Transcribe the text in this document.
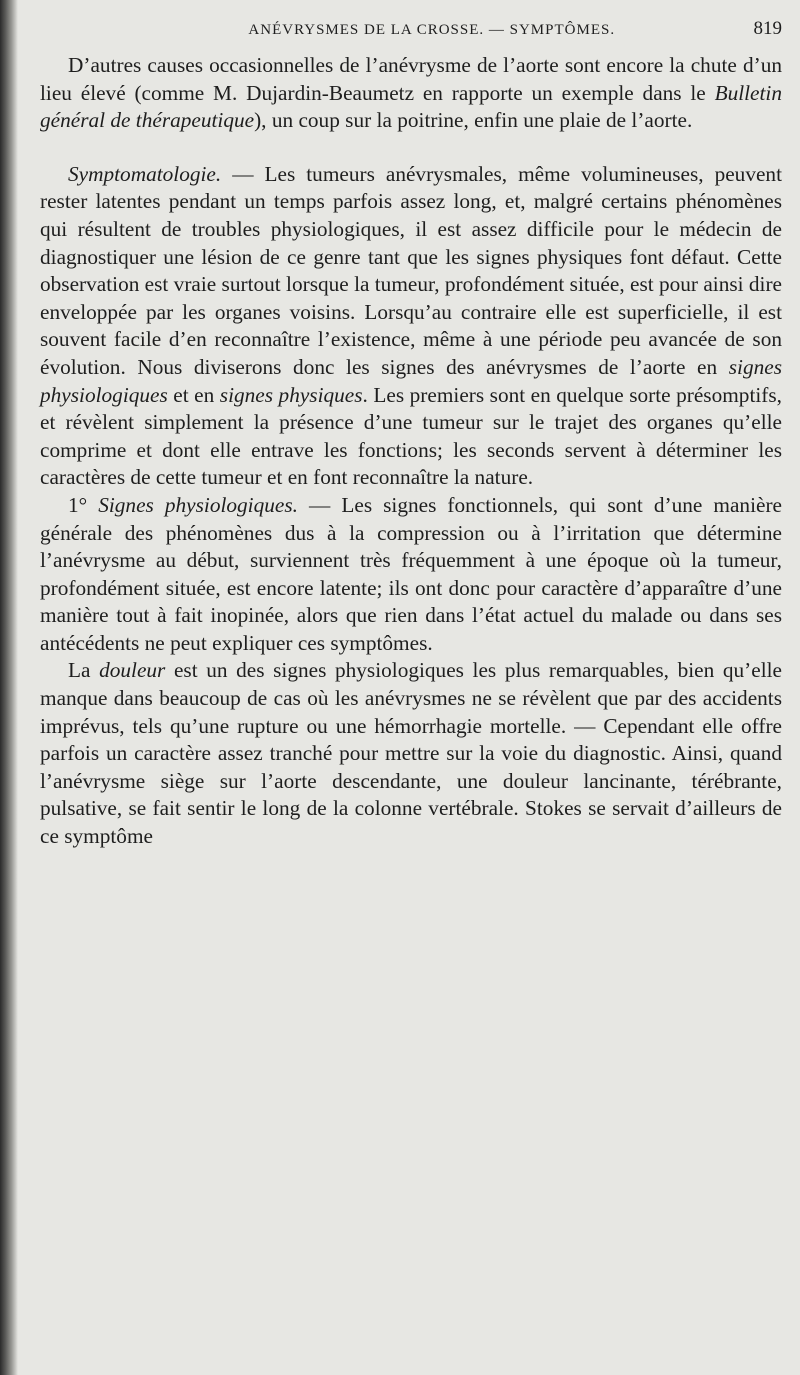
ANÉVRYSMES DE LA CROSSE. — SYMPTÔMES.	819

D’autres causes occasionnelles de l’anévrysme de l’aorte sont encore la chute d’un lieu élevé (comme M. Dujardin-Beaumetz en rapporte un exemple dans le Bulletin général de thérapeutique), un coup sur la poitrine, enfin une plaie de l’aorte.

Symptomatologie. — Les tumeurs anévrysmales, même volumineuses, peuvent rester latentes pendant un temps parfois assez long, et, malgré certains phénomènes qui résultent de troubles physiologiques, il est assez difficile pour le médecin de diagnostiquer une lésion de ce genre tant que les signes physiques font défaut. Cette observation est vraie surtout lorsque la tumeur, profondément située, est pour ainsi dire enveloppée par les organes voisins. Lorsqu’au contraire elle est superficielle, il est souvent facile d’en reconnaître l’existence, même à une période peu avancée de son évolution. Nous diviserons donc les signes des anévrysmes de l’aorte en signes physiologiques et en signes physiques. Les premiers sont en quelque sorte présomptifs, et révèlent simplement la présence d’une tumeur sur le trajet des organes qu’elle comprime et dont elle entrave les fonctions; les seconds servent à déterminer les caractères de cette tumeur et en font reconnaître la nature.

1° Signes physiologiques. — Les signes fonctionnels, qui sont d’une manière générale des phénomènes dus à la compression ou à l’irritation que détermine l’anévrysme au début, surviennent très fréquemment à une époque où la tumeur, profondément située, est encore latente; ils ont donc pour caractère d’apparaître d’une manière tout à fait inopinée, alors que rien dans l’état actuel du malade ou dans ses antécédents ne peut expliquer ces symptômes.

La douleur est un des signes physiologiques les plus remarquables, bien qu’elle manque dans beaucoup de cas où les anévrysmes ne se révèlent que par des accidents imprévus, tels qu’une rupture ou une hémorrhagie mortelle. — Cependant elle offre parfois un caractère assez tranché pour mettre sur la voie du diagnostic. Ainsi, quand l’anévrysme siège sur l’aorte descendante, une douleur lancinante, térébrante, pulsative, se fait sentir le long de la colonne vertébrale. Stokes se servait d’ailleurs de ce symptôme
